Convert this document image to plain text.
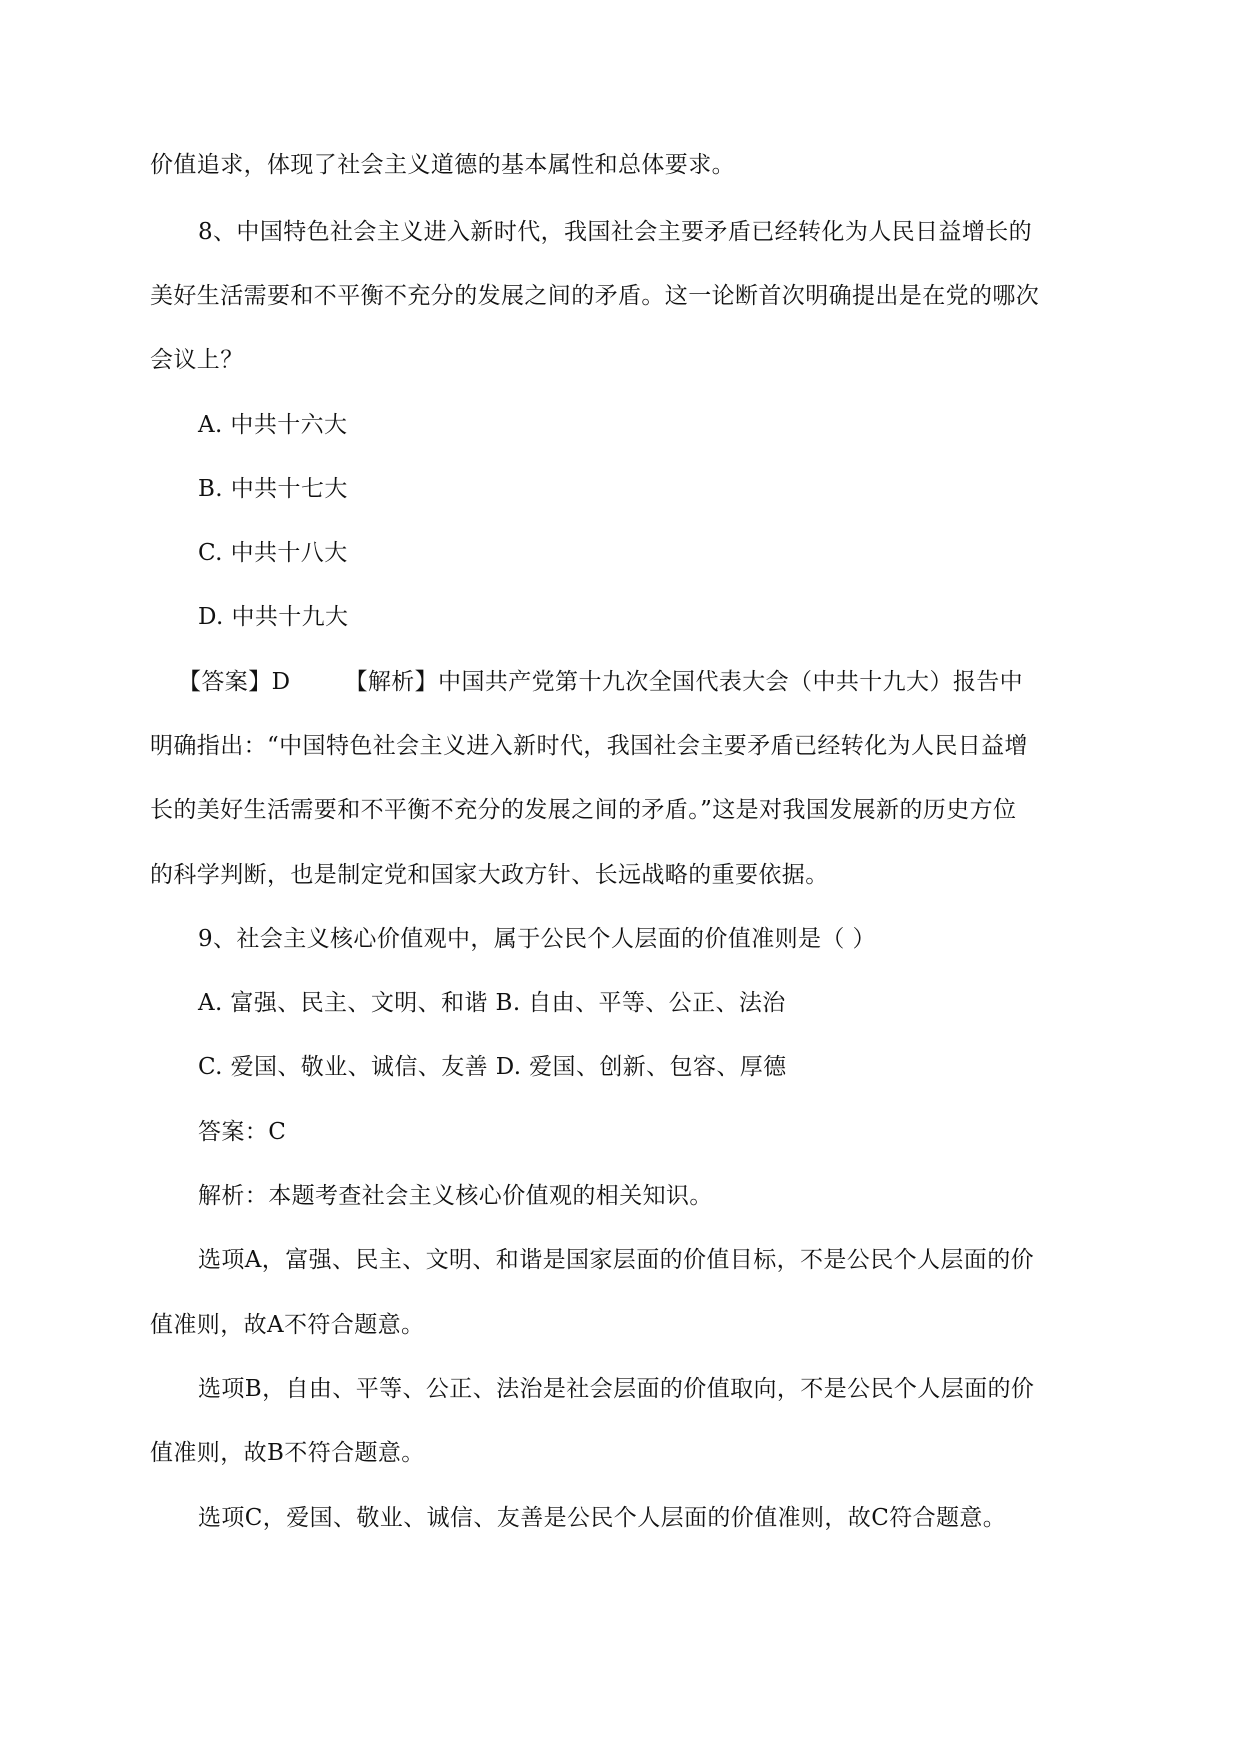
价值追求，体现了社会主义道德的基本属性和总体要求。
8、中国特色社会主义进入新时代，我国社会主要矛盾已经转化为人民日益增长的
美好生活需要和不平衡不充分的发展之间的矛盾。这一论断首次明确提出是在党的哪次
会议上？
A. 中共十六大
B. 中共十七大
C. 中共十八大
D. 中共十九大
【答案】D 【解析】中国共产党第十九次全国代表大会（中共十九大）报告中
明确指出：“中国特色社会主义进入新时代，我国社会主要矛盾已经转化为人民日益增
长的美好生活需要和不平衡不充分的发展之间的矛盾。”这是对我国发展新的历史方位
的科学判断，也是制定党和国家大政方针、长远战略的重要依据。
9、社会主义核心价值观中，属于公民个人层面的价值准则是（ ）
A. 富强、民主、文明、和谐 B. 自由、平等、公正、法治
C. 爱国、敬业、诚信、友善 D. 爱国、创新、包容、厚德
答案：C
解析：本题考查社会主义核心价值观的相关知识。
选项A，富强、民主、文明、和谐是国家层面的价值目标，不是公民个人层面的价
值准则，故A不符合题意。
选项B，自由、平等、公正、法治是社会层面的价值取向，不是公民个人层面的价
值准则，故B不符合题意。
选项C，爱国、敬业、诚信、友善是公民个人层面的价值准则，故C符合题意。
